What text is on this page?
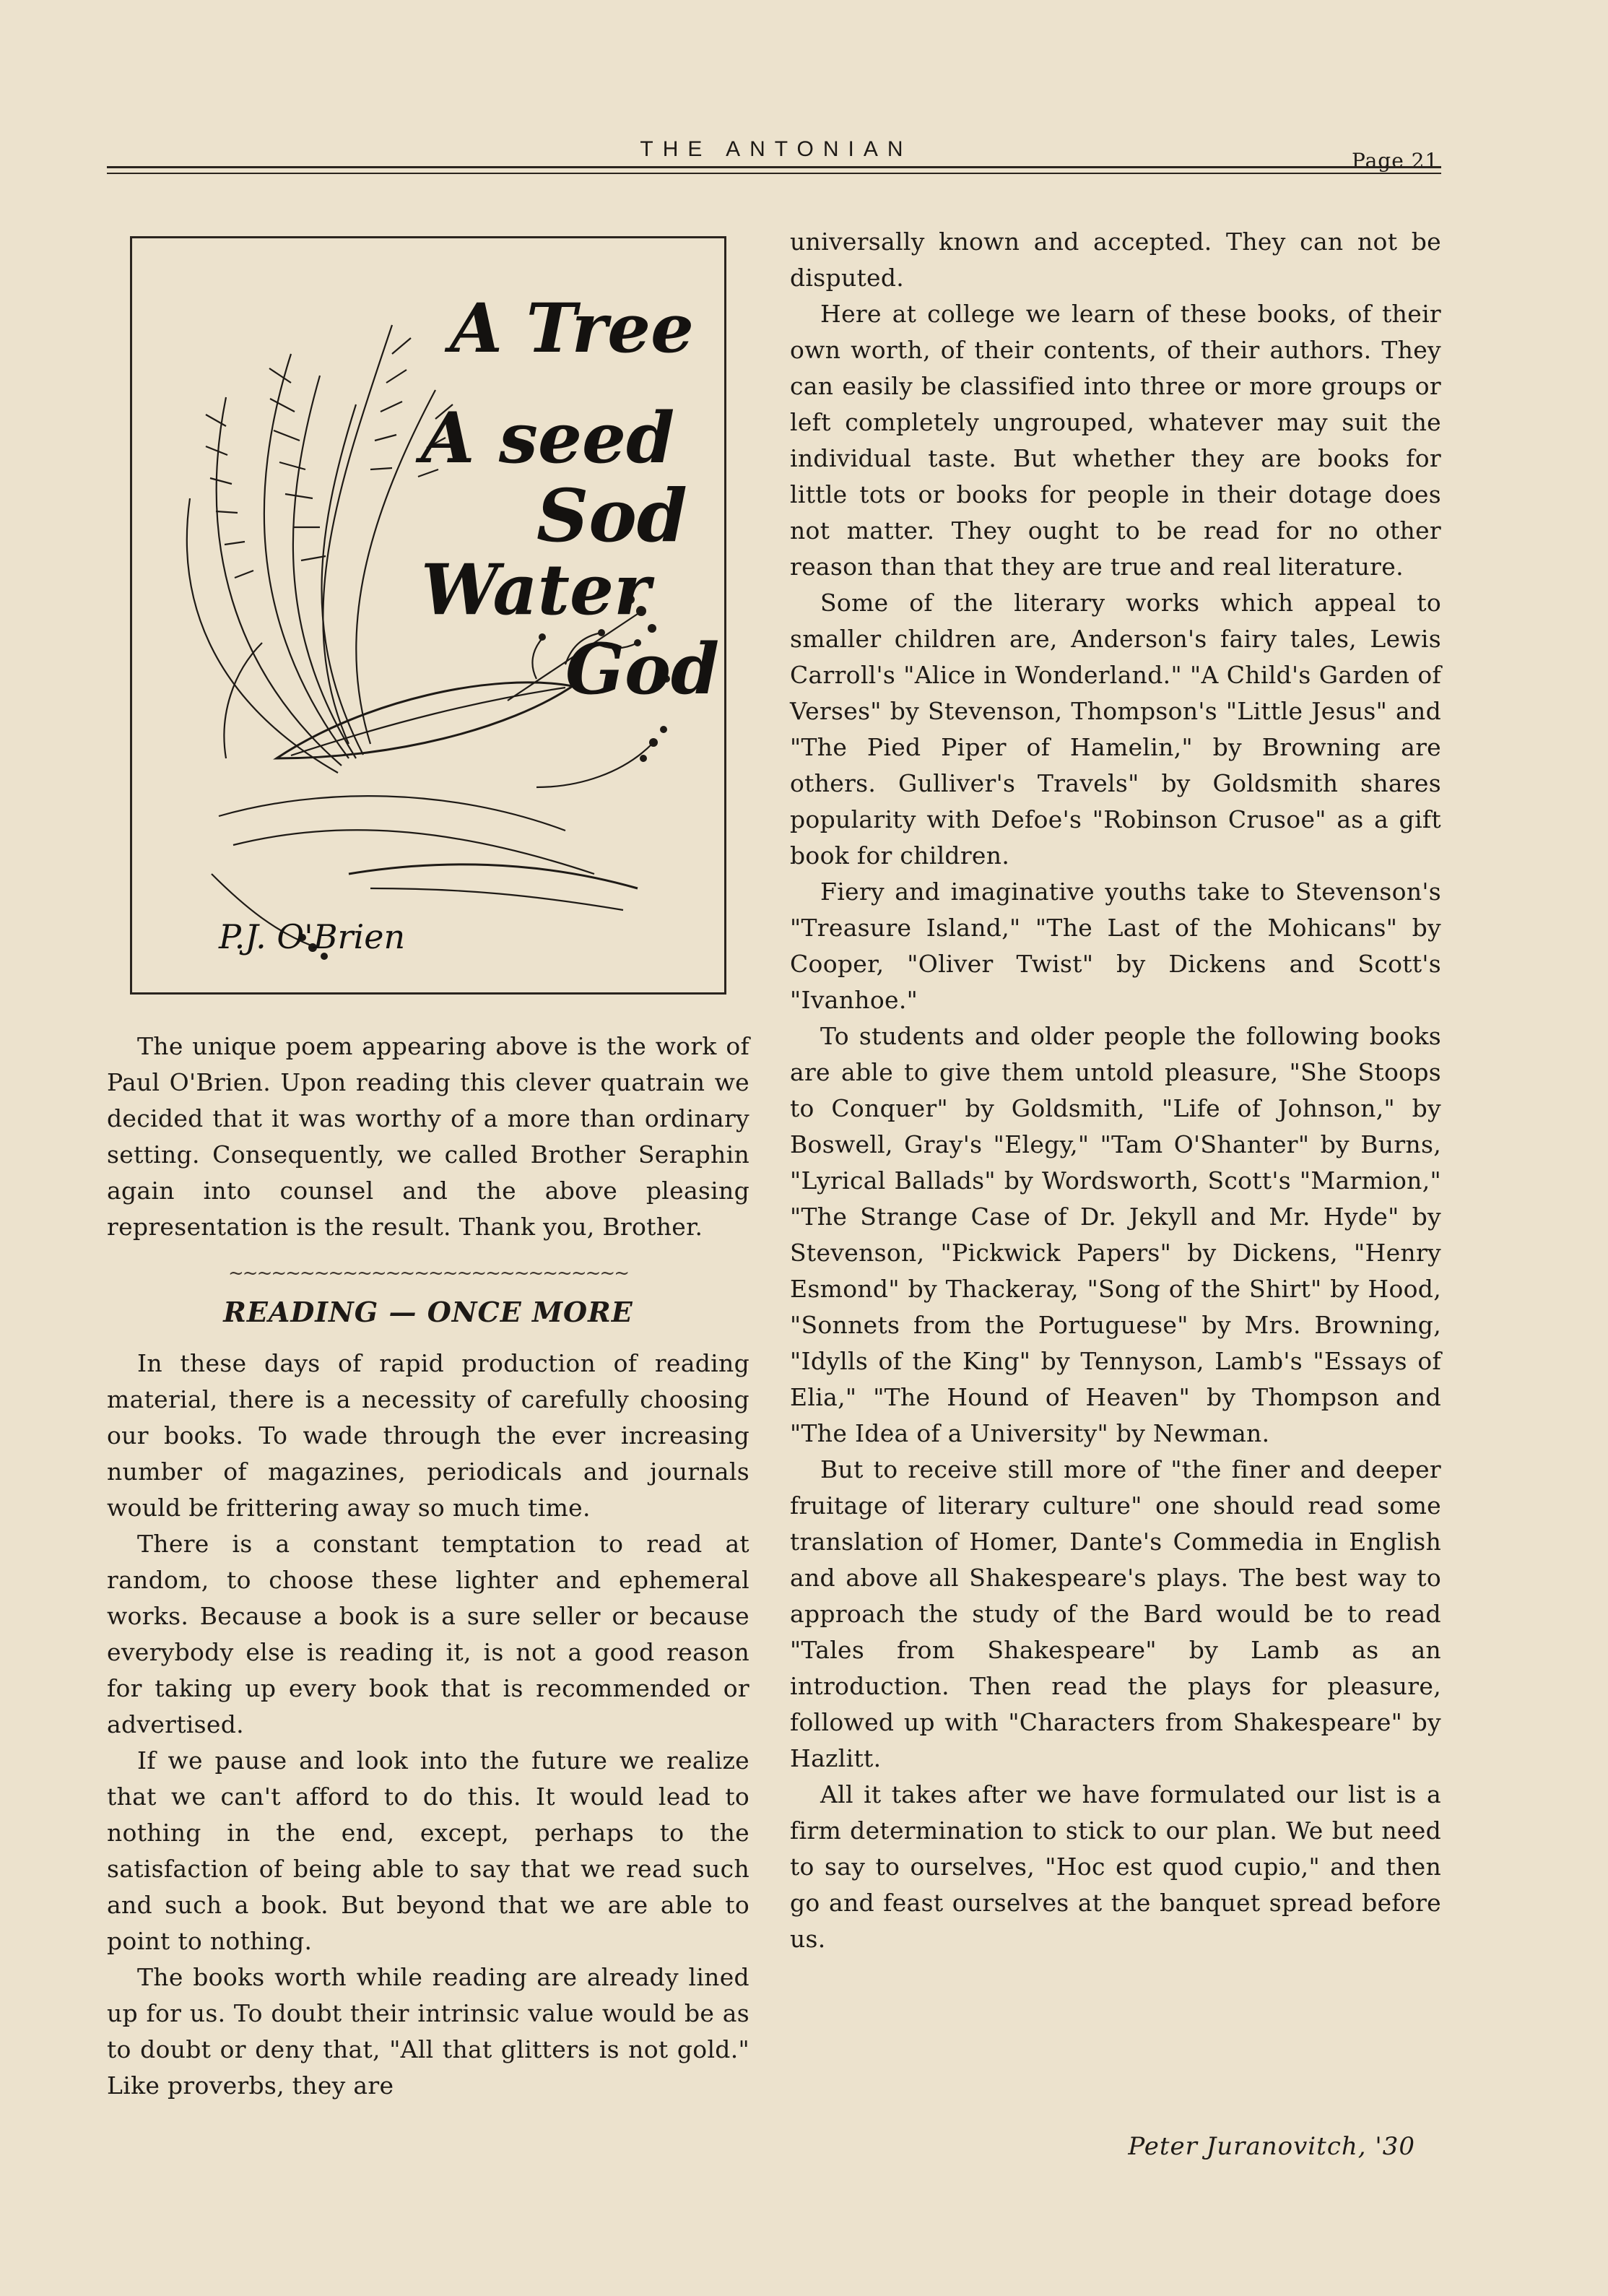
THE ANTONIAN	Page 21
A Tree
A seed
Sod
Water
God
P.J. O'Brien

The unique poem appearing above is the work of Paul O'Brien. Upon reading this clever quatrain we decided that it was worthy of a more than ordinary setting. Consequently, we called Brother Seraphin again into counsel and the above pleasing representation is the result. Thank you, Brother.

~~~~~~~~~~~~~~~~~~~~~~~~~~~~
READING — ONCE MORE

In these days of rapid production of reading material, there is a necessity of carefully choosing our books. To wade through the ever increasing number of magazines, periodicals and journals would be frittering away so much time.

There is a constant temptation to read at random, to choose these lighter and ephemeral works. Because a book is a sure seller or because everybody else is reading it, is not a good reason for taking up every book that is recommended or advertised.

If we pause and look into the future we realize that we can't afford to do this. It would lead to nothing in the end, except, perhaps to the satisfaction of being able to say that we read such and such a book. But beyond that we are able to point to nothing.

The books worth while reading are already lined up for us. To doubt their intrinsic value would be as to doubt or deny that, "All that glitters is not gold." Like proverbs, they are

universally known and accepted. They can not be disputed.

Here at college we learn of these books, of their own worth, of their contents, of their authors. They can easily be classified into three or more groups or left completely ungrouped, whatever may suit the individual taste. But whether they are books for little tots or books for people in their dotage does not matter. They ought to be read for no other reason than that they are true and real literature.

Some of the literary works which appeal to smaller children are, Anderson's fairy tales, Lewis Carroll's "Alice in Wonderland." "A Child's Garden of Verses" by Stevenson, Thompson's "Little Jesus" and "The Pied Piper of Hamelin," by Browning are others. Gulliver's Travels" by Goldsmith shares popularity with Defoe's "Robinson Crusoe" as a gift book for children.

Fiery and imaginative youths take to Stevenson's "Treasure Island," "The Last of the Mohicans" by Cooper, "Oliver Twist" by Dickens and Scott's "Ivanhoe."

To students and older people the following books are able to give them untold pleasure, "She Stoops to Conquer" by Goldsmith, "Life of Johnson," by Boswell, Gray's "Elegy," "Tam O'Shanter" by Burns, "Lyrical Ballads" by Wordsworth, Scott's "Marmion," "The Strange Case of Dr. Jekyll and Mr. Hyde" by Stevenson, "Pickwick Papers" by Dickens, "Henry Esmond" by Thackeray, "Song of the Shirt" by Hood, "Sonnets from the Portuguese" by Mrs. Browning, "Idylls of the King" by Tennyson, Lamb's "Essays of Elia," "The Hound of Heaven" by Thompson and "The Idea of a University" by Newman.

But to receive still more of "the finer and deeper fruitage of literary culture" one should read some translation of Homer, Dante's Commedia in English and above all Shakespeare's plays. The best way to approach the study of the Bard would be to read "Tales from Shakespeare" by Lamb as an introduction. Then read the plays for pleasure, followed up with "Characters from Shakespeare" by Hazlitt.

All it takes after we have formulated our list is a firm determination to stick to our plan. We but need to say to ourselves, "Hoc est quod cupio," and then go and feast ourselves at the banquet spread before us.

Peter Juranovitch, '30
